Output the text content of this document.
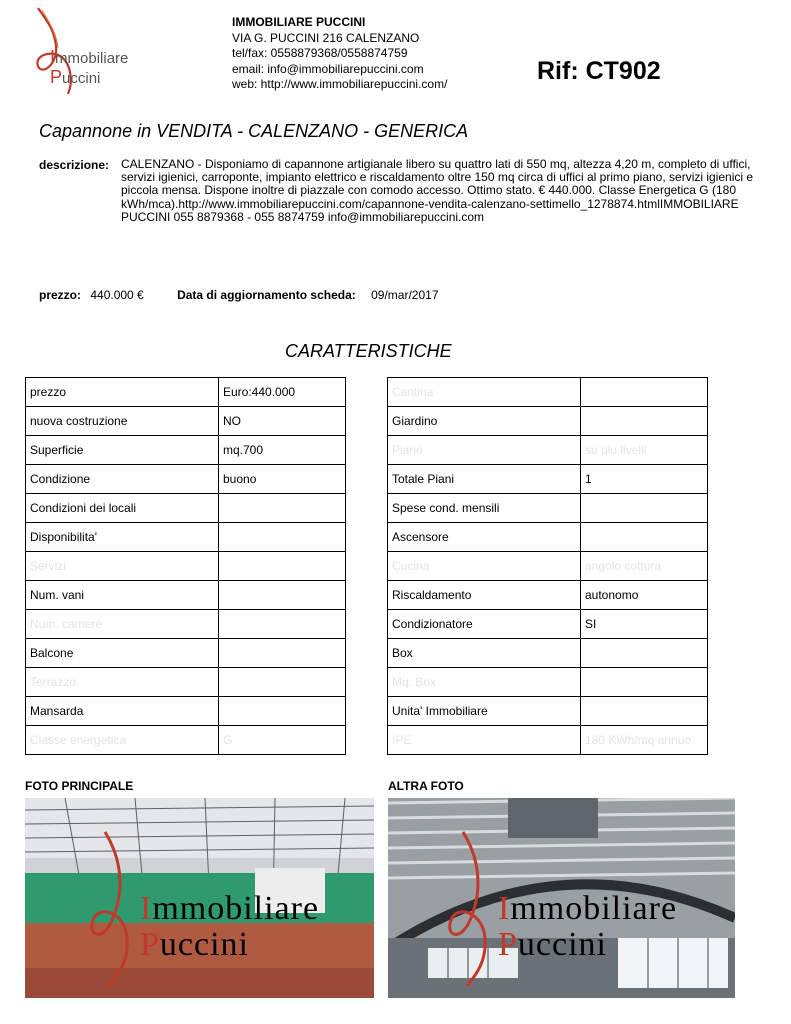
Immobiliare
Puccini
IMMOBILIARE PUCCINI
VIA G. PUCCINI 216 CALENZANO
tel/fax: 0558879368/0558874759
email: info@immobiliarepuccini.com
web: http://www.immobiliarepuccini.com/	Rif: CT902
Capannone in VENDITA - CALENZANO - GENERICA
descrizione: CALENZANO - Disponiamo di capannone artigianale libero su quattro lati di 550 mq, altezza 4,20 m, completo di uffici, servizi igienici, carroponte, impianto elettrico e riscaldamento oltre 150 mq circa di uffici al primo piano, servizi igienici e piccola mensa. Dispone inoltre di piazzale con comodo accesso. Ottimo stato. € 440.000. Classe Energetica G (180 kWh/mca).http://www.immobiliarepuccini.com/capannone-vendita-calenzano-settimello_1278874.htmlIMMOBILIARE PUCCINI 055 8879368 - 055 8874759 info@immobiliarepuccini.com
prezzo: 440.000 €	Data di aggiornamento scheda: 09/mar/2017
CARATTERISTICHE
prezzo	Euro:440.000
nuova costruzione	NO
Superficie	mq.700
Condizione	buono
Condizioni dei locali	
Disponibilita'	
Servizi	
Num. vani	
Num. camere	
Balcone	
Terrazzo	
Mansarda	
Classe energetica	G
Cantina	
Giardino	
Piano	su piu livelli
Totale Piani	1
Spese cond. mensili	
Ascensore	
Cucina	angolo cottura
Riscaldamento	autonomo
Condizionatore	SI
Box	
Mq. Box	
Unita' Immobiliare	
IPE	180 KWh/mq annuo
FOTO PRINCIPALE	ALTRA FOTO
Immobiliare
Puccini
Immobiliare
Puccini
